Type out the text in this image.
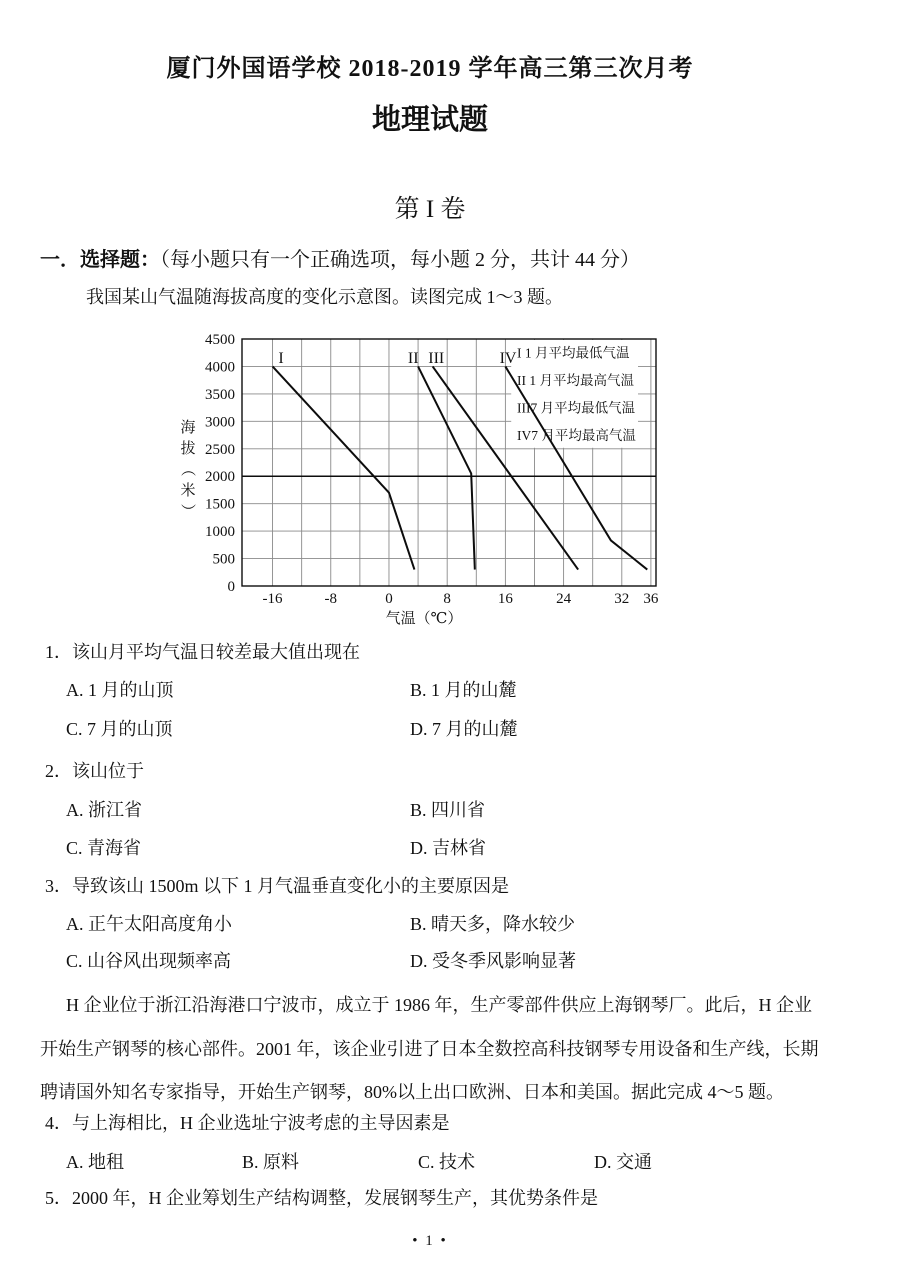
厦门外国语学校 2018-2019 学年高三第三次月考
地理试题
第 I 卷
一．选择题：（每小题只有一个正确选项，每小题 2 分，共计 44 分）
我国某山气温随海拔高度的变化示意图。读图完成 1～3 题。
I 1 月平均最低气温
II 1 月平均最高气温
III7 月平均最低气温
IV7 月平均最高气温
I	II III	IV
-16	-8	0	8	16	24	32 36
气温（℃）
0
500
1000
1500
2000
2500
3000
3500
4000
4500
海
拔
（
米
）
1．该山月平均气温日较差最大值出现在
A. 1 月的山顶	B. 1 月的山麓
C. 7 月的山顶	D. 7 月的山麓
2．该山位于
A. 浙江省	B. 四川省
C. 青海省	D. 吉林省
3．导致该山 1500m 以下 1 月气温垂直变化小的主要原因是
A. 正午太阳高度角小	B. 晴天多，降水较少
C. 山谷风出现频率高	D. 受冬季风影响显著
H 企业位于浙江沿海港口宁波市，成立于 1986 年，生产零部件供应上海钢琴厂。此后，H 企业
开始生产钢琴的核心部件。2001 年，该企业引进了日本全数控高科技钢琴专用设备和生产线，长期
聘请国外知名专家指导，开始生产钢琴，80%以上出口欧洲、日本和美国。据此完成 4～5 题。
4．与上海相比，H 企业选址宁波考虑的主导因素是
A. 地租	B. 原料	C. 技术	D. 交通
5．2000 年，H 企业筹划生产结构调整，发展钢琴生产，其优势条件是
• 1 •
